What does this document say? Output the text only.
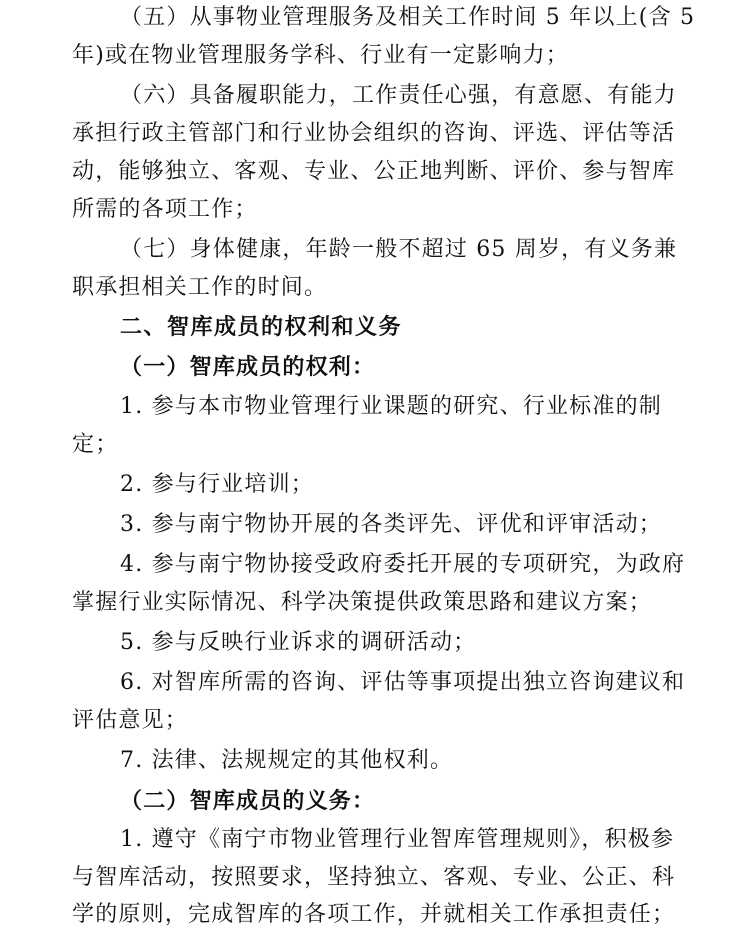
（五）从事物业管理服务及相关工作时间 5 年以上(含 5
年)或在物业管理服务学科、行业有一定影响力；
（六）具备履职能力，工作责任心强，有意愿、有能力
承担行政主管部门和行业协会组织的咨询、评选、评估等活
动，能够独立、客观、专业、公正地判断、评价、参与智库
所需的各项工作；
（七）身体健康，年龄一般不超过 65 周岁，有义务兼
职承担相关工作的时间。
二、智库成员的权利和义务
（一）智库成员的权利：
1. 参与本市物业管理行业课题的研究、行业标准的制
定；
2. 参与行业培训；
3. 参与南宁物协开展的各类评先、评优和评审活动；
4. 参与南宁物协接受政府委托开展的专项研究，为政府
掌握行业实际情况、科学决策提供政策思路和建议方案；
5. 参与反映行业诉求的调研活动；
6. 对智库所需的咨询、评估等事项提出独立咨询建议和
评估意见；
7. 法律、法规规定的其他权利。
（二）智库成员的义务：
1. 遵守《南宁市物业管理行业智库管理规则》，积极参
与智库活动，按照要求，坚持独立、客观、专业、公正、科
学的原则，完成智库的各项工作，并就相关工作承担责任；
